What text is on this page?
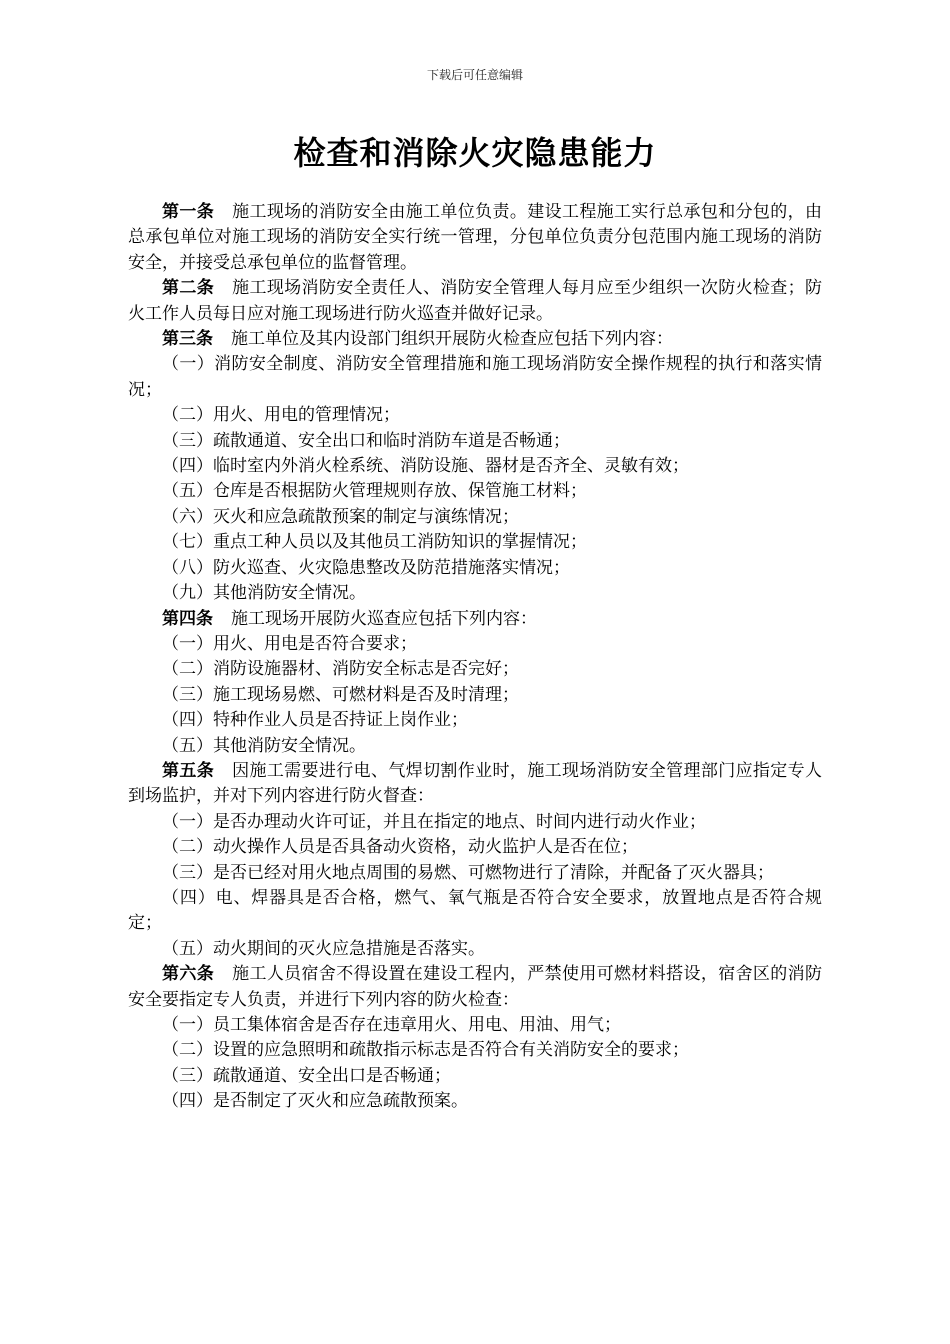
下载后可任意编辑
检查和消除火灾隐患能力

第一条 施工现场的消防安全由施工单位负责。建设工程施工实行总承包和分包的，由总承包单位对施工现场的消防安全实行统一管理，分包单位负责分包范围内施工现场的消防安全，并接受总承包单位的监督管理。

第二条 施工现场消防安全责任人、消防安全管理人每月应至少组织一次防火检查；防火工作人员每日应对施工现场进行防火巡查并做好记录。

第三条 施工单位及其内设部门组织开展防火检查应包括下列内容：

（一）消防安全制度、消防安全管理措施和施工现场消防安全操作规程的执行和落实情况；

（二）用火、用电的管理情况；

（三）疏散通道、安全出口和临时消防车道是否畅通；

（四）临时室内外消火栓系统、消防设施、器材是否齐全、灵敏有效；

（五）仓库是否根据防火管理规则存放、保管施工材料；

（六）灭火和应急疏散预案的制定与演练情况；

（七）重点工种人员以及其他员工消防知识的掌握情况；

（八）防火巡查、火灾隐患整改及防范措施落实情况；

（九）其他消防安全情况。

第四条 施工现场开展防火巡查应包括下列内容：

（一）用火、用电是否符合要求；

（二）消防设施器材、消防安全标志是否完好；

（三）施工现场易燃、可燃材料是否及时清理；

（四）特种作业人员是否持证上岗作业；

（五）其他消防安全情况。

第五条 因施工需要进行电、气焊切割作业时，施工现场消防安全管理部门应指定专人到场监护，并对下列内容进行防火督查：

（一）是否办理动火许可证，并且在指定的地点、时间内进行动火作业；

（二）动火操作人员是否具备动火资格，动火监护人是否在位；

（三）是否已经对用火地点周围的易燃、可燃物进行了清除，并配备了灭火器具；

（四）电、焊器具是否合格，燃气、氧气瓶是否符合安全要求，放置地点是否符合规定；

（五）动火期间的灭火应急措施是否落实。

第六条 施工人员宿舍不得设置在建设工程内，严禁使用可燃材料搭设，宿舍区的消防安全要指定专人负责，并进行下列内容的防火检查：

（一）员工集体宿舍是否存在违章用火、用电、用油、用气；

（二）设置的应急照明和疏散指示标志是否符合有关消防安全的要求；

（三）疏散通道、安全出口是否畅通；

（四）是否制定了灭火和应急疏散预案。
